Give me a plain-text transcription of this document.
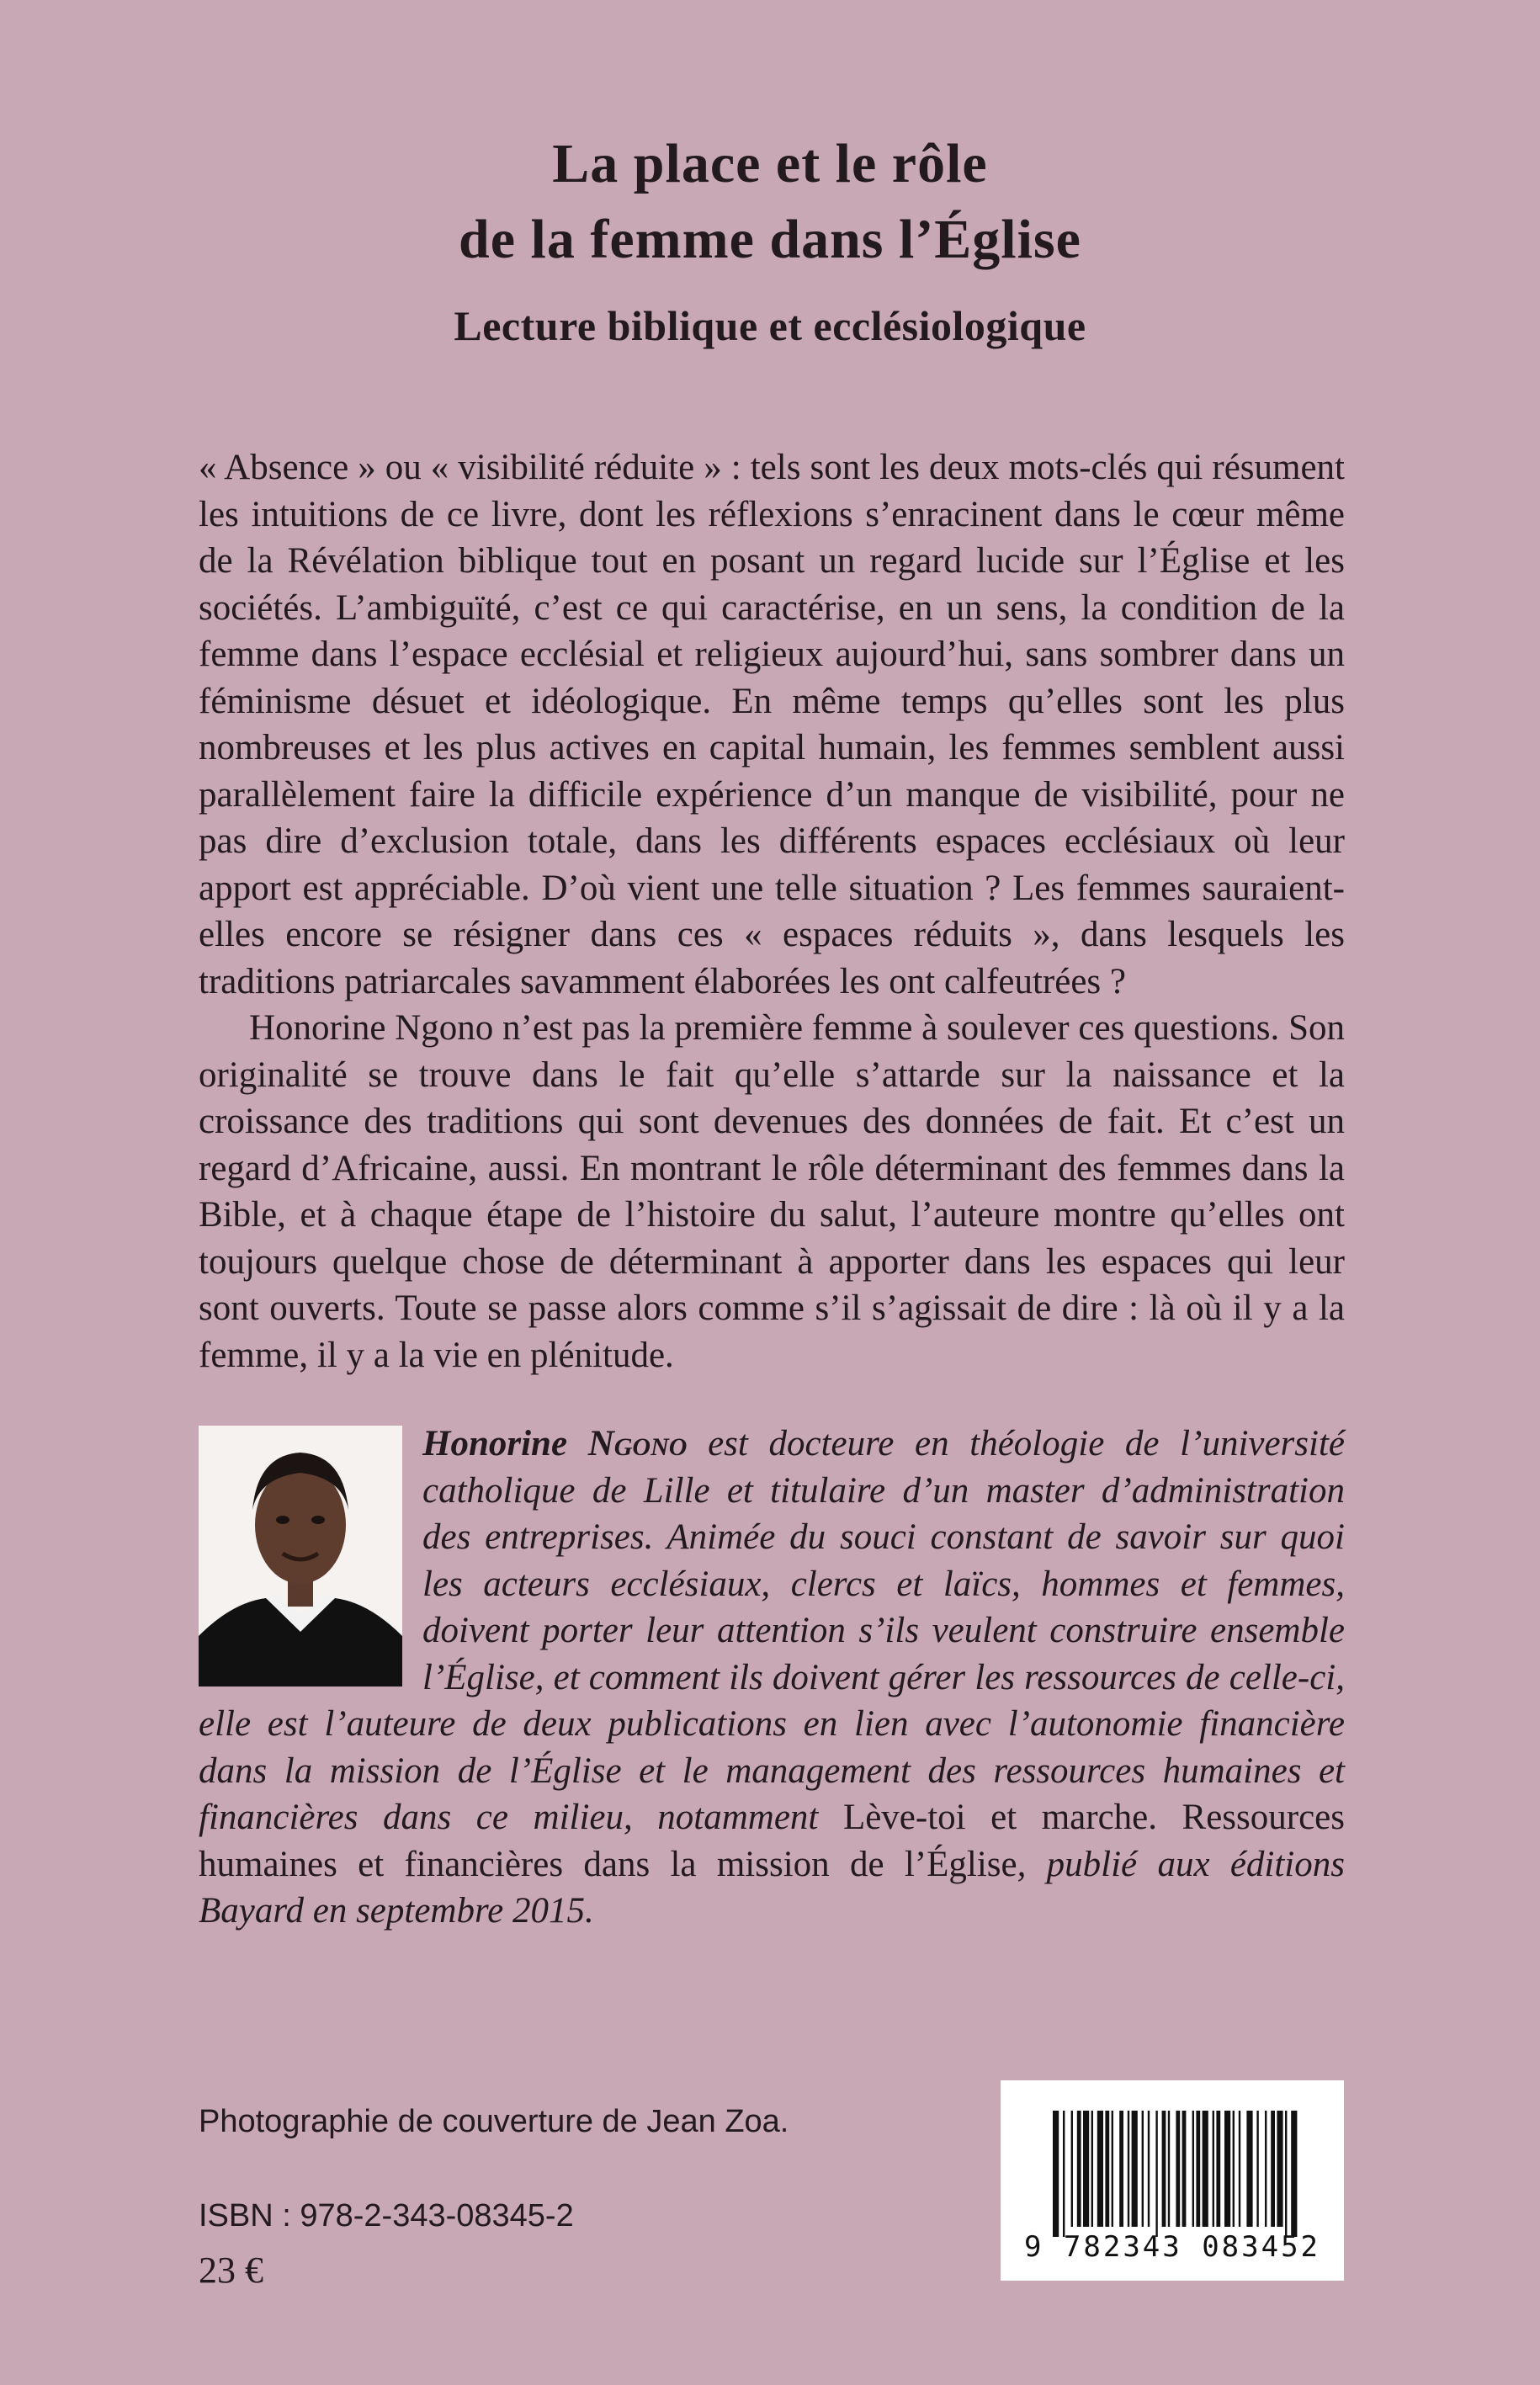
La place et le rôle
de la femme dans l’Église
Lecture biblique et ecclésiologique

« Absence » ou « visibilité réduite » : tels sont les deux mots-clés qui résument les intuitions de ce livre, dont les réflexions s’enracinent dans le cœur même de la Révélation biblique tout en posant un regard lucide sur l’Église et les sociétés. L’ambiguïté, c’est ce qui caractérise, en un sens, la condition de la femme dans l’espace ecclésial et religieux aujourd’hui, sans sombrer dans un féminisme désuet et idéologique. En même temps qu’elles sont les plus nombreuses et les plus actives en capital humain, les femmes semblent aussi parallèlement faire la difficile expérience d’un manque de visibilité, pour ne pas dire d’exclusion totale, dans les différents espaces ecclésiaux où leur apport est appréciable. D’où vient une telle situation ? Les femmes sauraient-elles encore se résigner dans ces « espaces réduits », dans lesquels les traditions patriarcales savamment élaborées les ont calfeutrées ?

Honorine Ngono n’est pas la première femme à soulever ces questions. Son originalité se trouve dans le fait qu’elle s’attarde sur la naissance et la croissance des traditions qui sont devenues des données de fait. Et c’est un regard d’Africaine, aussi. En montrant le rôle déterminant des femmes dans la Bible, et à chaque étape de l’histoire du salut, l’auteure montre qu’elles ont toujours quelque chose de déterminant à apporter dans les espaces qui leur sont ouverts. Toute se passe alors comme s’il s’agissait de dire : là où il y a la femme, il y a la vie en plénitude.

Honorine Ngono est docteure en théologie de l’université catholique de Lille et titulaire d’un master d’administration des entreprises. Animée du souci constant de savoir sur quoi les acteurs ecclésiaux, clercs et laïcs, hommes et femmes, doivent porter leur attention s’ils veulent construire ensemble l’Église, et comment ils doivent gérer les ressources de celle-ci, elle est l’auteure de deux publications en lien avec l’autonomie financière dans la mission de l’Église et le management des ressources humaines et financières dans ce milieu, notamment Lève-toi et marche. Ressources humaines et financières dans la mission de l’Église, publié aux éditions Bayard en septembre 2015.
Photographie de couverture de Jean Zoa.
ISBN : 978-2-343-08345-2
23 €
9 782343 083452
